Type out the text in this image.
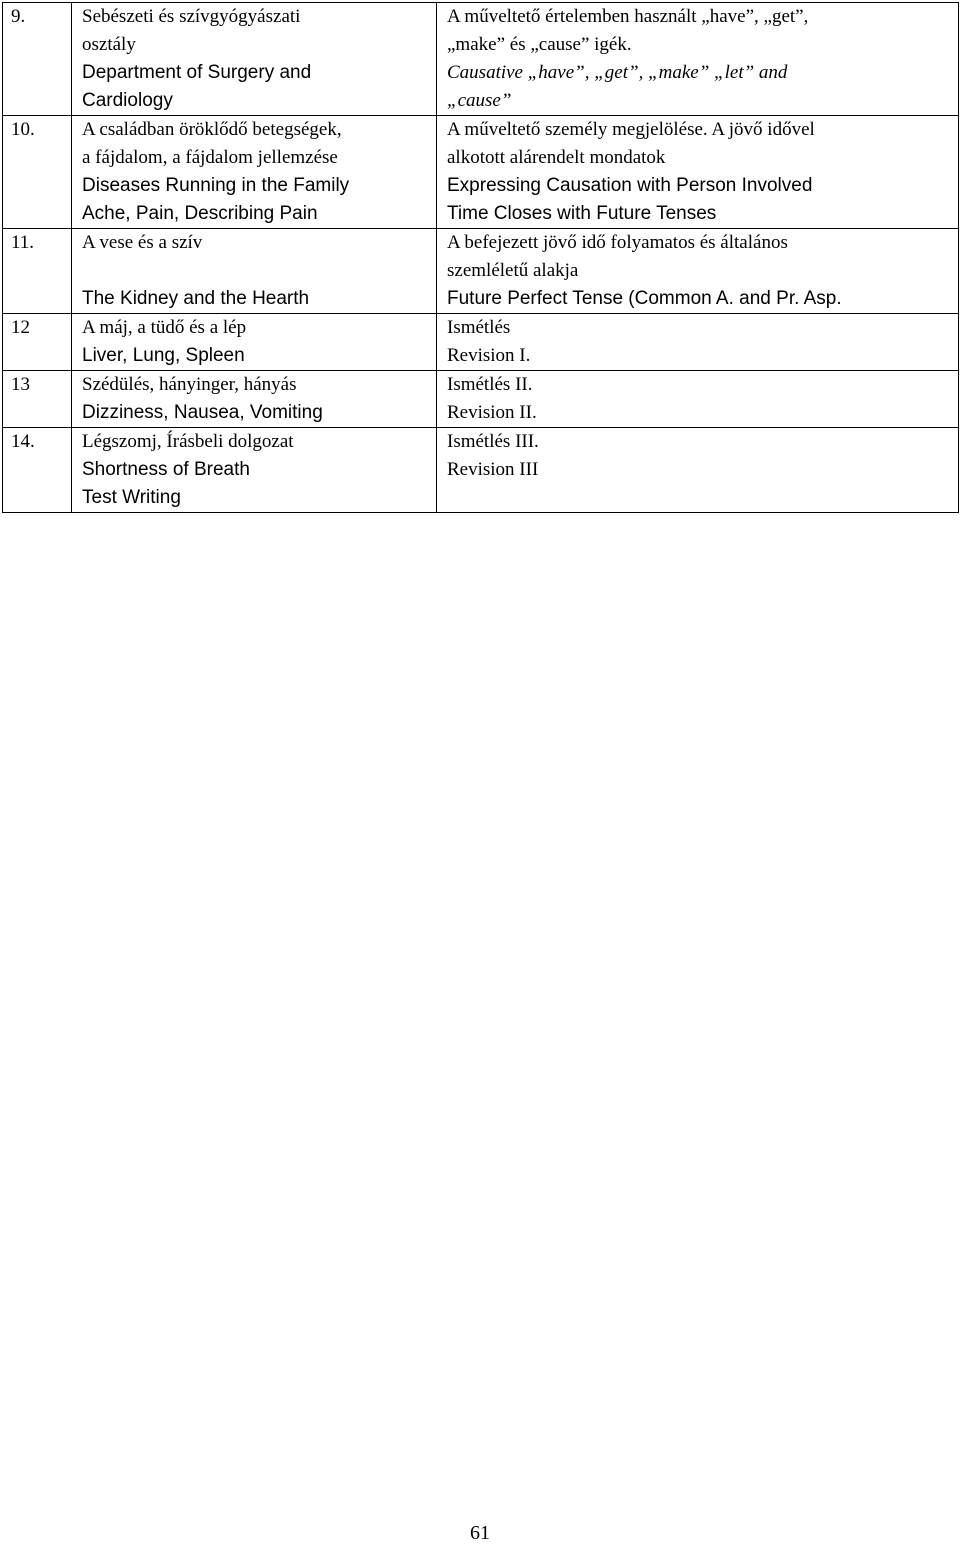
9.	Sebészeti és szívgyógyászati
osztály
Department of Surgery and
Cardiology	A műveltető értelemben használt „have”, „get”,
„make” és „cause” igék.
Causative „have”, „get”, „make” „let” and
„cause”

10.	A családban öröklődő betegségek,
a fájdalom, a fájdalom jellemzése
Diseases Running in the Family
Ache, Pain, Describing Pain	A műveltető személy megjelölése. A jövő idővel
alkotott alárendelt mondatok
Expressing Causation with Person Involved
Time Closes with Future Tenses

11.	A vese és a szív
The Kidney and the Hearth	A befejezett jövő idő folyamatos és általános
szemléletű alakja
Future Perfect Tense (Common A. and Pr. Asp.

12	A máj, a tüdő és a lép
Liver, Lung, Spleen	Ismétlés
Revision I.

13	Szédülés, hányinger, hányás
Dizziness, Nausea, Vomiting	Ismétlés II.
Revision II.

14.	Légszomj, Írásbeli dolgozat
Shortness of Breath
Test Writing	Ismétlés III.
Revision III
61
